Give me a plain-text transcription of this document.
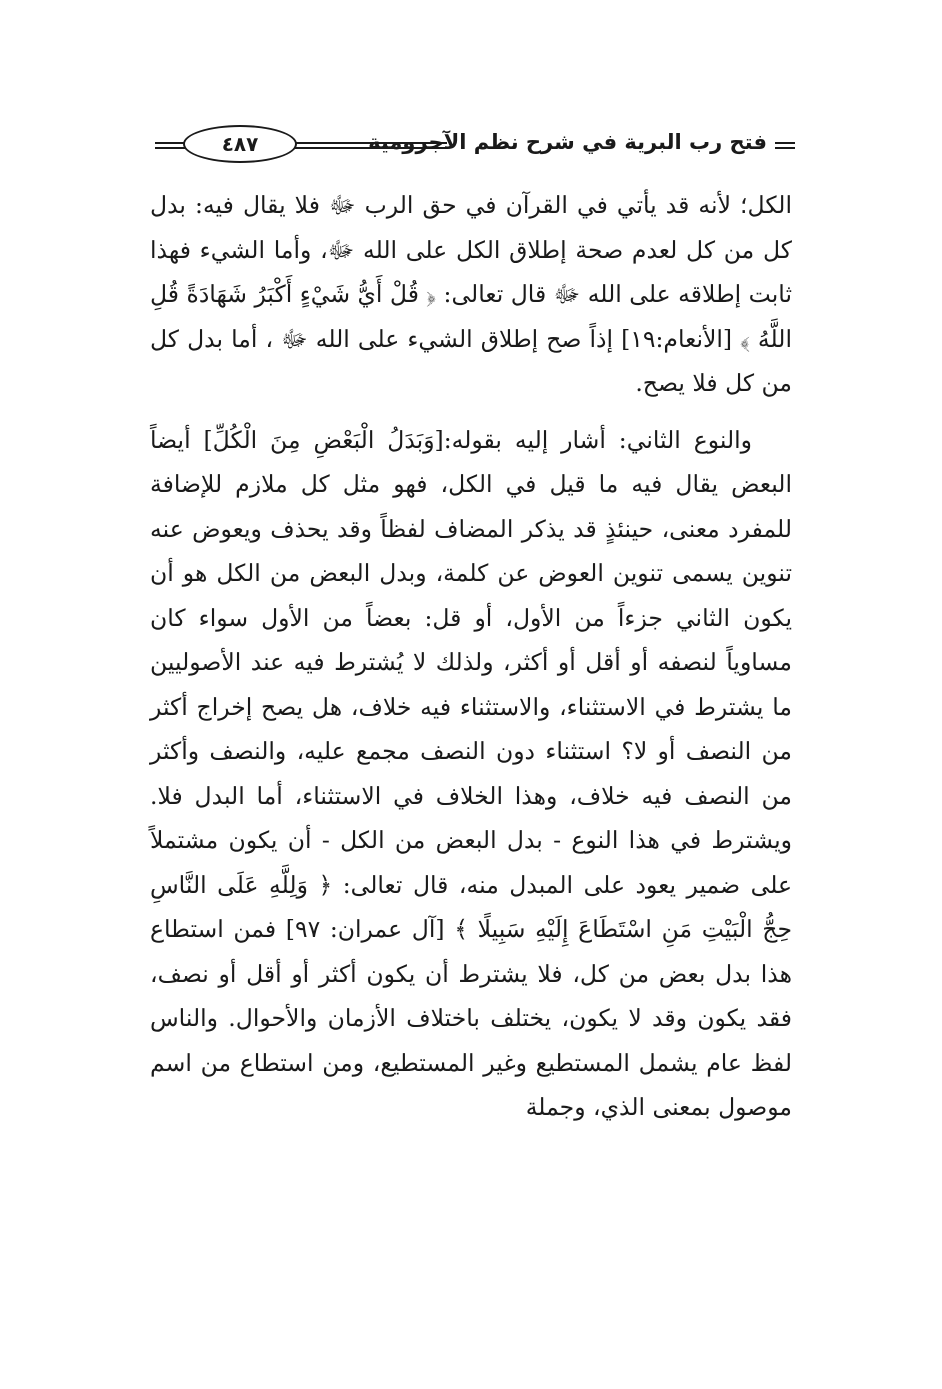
فتح رب البرية في شرح نظم الآجرومية
٤٨٧

الكل؛ لأنه قد يأتي في القرآن في حق الرب ﷻ فلا يقال فيه: بدل كل من كل لعدم صحة إطلاق الكل على الله ﷻ، وأما الشيء فهذا ثابت إطلاقه على الله ﷻ قال تعالى: ﴿ قُلْ أَيُّ شَيْءٍ أَكْبَرُ شَهَادَةً قُلِ اللَّهُ ﴾ [الأنعام:١٩] إذاً صح إطلاق الشيء على الله ﷻ ، أما بدل كل من كل فلا يصح.

والنوع الثاني: أشار إليه بقوله:[وَبَدَلُ الْبَعْضِ مِنَ الْكُلِّ] أيضاً البعض يقال فيه ما قيل في الكل، فهو مثل كل ملازم للإضافة للمفرد معنى، حينئذٍ قد يذكر المضاف لفظاً وقد يحذف ويعوض عنه تنوين يسمى تنوين العوض عن كلمة، وبدل البعض من الكل هو أن يكون الثاني جزءاً من الأول، أو قل: بعضاً من الأول سواء كان مساوياً لنصفه أو أقل أو أكثر، ولذلك لا يُشترط فيه عند الأصوليين ما يشترط في الاستثناء، والاستثناء فيه خلاف، هل يصح إخراج أكثر من النصف أو لا؟ استثناء دون النصف مجمع عليه، والنصف وأكثر من النصف فيه خلاف، وهذا الخلاف في الاستثناء، أما البدل فلا. ويشترط في هذا النوع - بدل البعض من الكل - أن يكون مشتملاً على ضمير يعود على المبدل منه، قال تعالى: ﴿ وَلِلَّهِ عَلَى النَّاسِ حِجُّ الْبَيْتِ مَنِ اسْتَطَاعَ إِلَيْهِ سَبِيلًا ﴾ [آل عمران: ٩٧] فمن استطاع هذا بدل بعض من كل، فلا يشترط أن يكون أكثر أو أقل أو نصف، فقد يكون وقد لا يكون، يختلف باختلاف الأزمان والأحوال. والناس لفظ عام يشمل المستطيع وغير المستطيع، ومن استطاع من اسم موصول بمعنى الذي، وجملة
